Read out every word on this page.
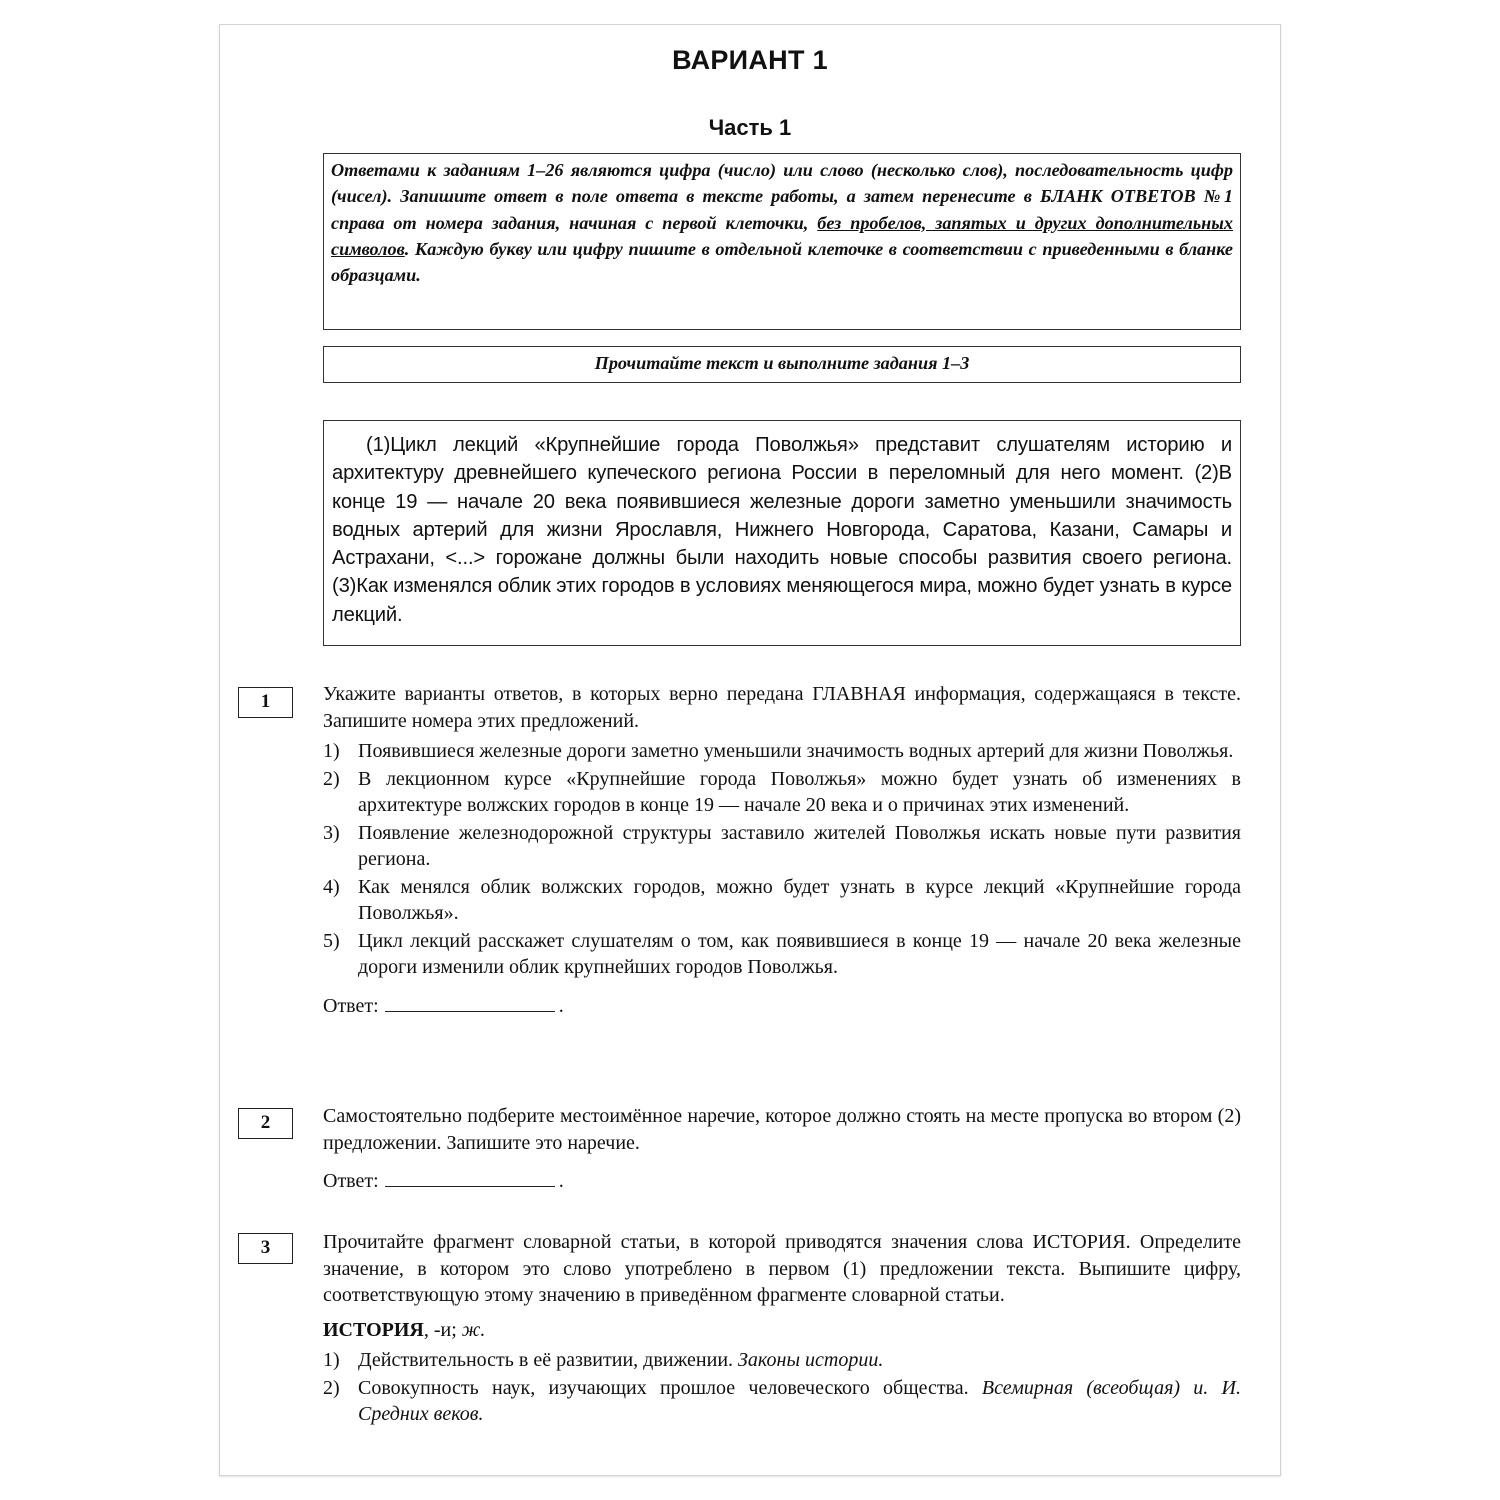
ВАРИАНТ 1
Часть 1
Ответами к заданиям 1–26 являются цифра (число) или слово (несколько слов), последовательность цифр (чисел). Запишите ответ в поле ответа в тексте работы, а затем перенесите в БЛАНК ОТВЕТОВ №1 справа от номера задания, начиная с первой клеточки, без пробелов, запятых и других дополнительных символов. Каждую букву или цифру пишите в отдельной клеточке в соответствии с приведенными в бланке образцами.
Прочитайте текст и выполните задания 1–3

(1)Цикл лекций «Крупнейшие города Поволжья» представит слушателям историю и архитектуру древнейшего купеческого региона России в переломный для него момент. (2)В конце 19 — начале 20 века появившиеся железные дороги заметно уменьшили значимость водных артерий для жизни Ярославля, Нижнего Новгорода, Саратова, Казани, Самары и Астрахани, <...> горожане должны были находить новые способы развития своего региона. (3)Как изменялся облик этих городов в условиях меняющегося мира, можно будет узнать в курсе лекций.

1	Укажите варианты ответов, в которых верно передана ГЛАВНАЯ информация, содержащаяся в тексте. Запишите номера этих предложений.

1) Появившиеся железные дороги заметно уменьшили значимость водных артерий для жизни Поволжья.
2) В лекционном курсе «Крупнейшие города Поволжья» можно будет узнать об изменениях в архитектуре волжских городов в конце 19 — начале 20 века и о причинах этих изменений.
3) Появление железнодорожной структуры заставило жителей Поволжья искать новые пути развития региона.
4) Как менялся облик волжских городов, можно будет узнать в курсе лекций «Крупнейшие города Поволжья».
5) Цикл лекций расскажет слушателям о том, как появившиеся в конце 19 — начале 20 века железные дороги изменили облик крупнейших городов Поволжья.
Ответ:	.
2	Самостоятельно подберите местоимённое наречие, которое должно стоять на месте пропуска во втором (2) предложении. Запишите это наречие.

Ответ:	.
3	Прочитайте фрагмент словарной статьи, в которой приводятся значения слова ИСТОРИЯ. Определите значение, в котором это слово употреблено в первом (1) предложении текста. Выпишите цифру, соответствующую этому значению в приведённом фрагменте словарной статьи.

ИСТОРИЯ, -и; ж.
1) Действительность в её развитии, движении. Законы истории.
2) Совокупность наук, изучающих прошлое человеческого общества. Всемирная (всеобщая) и. И. Средних веков.
